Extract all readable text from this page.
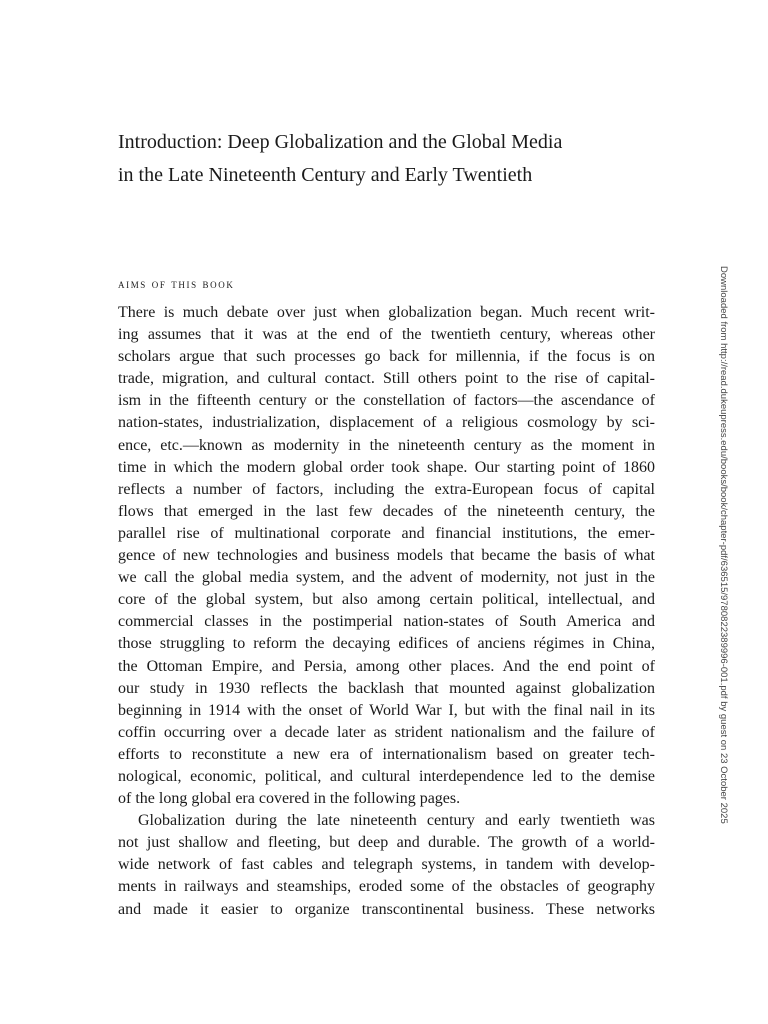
Introduction: Deep Globalization and the Global Media
in the Late Nineteenth Century and Early Twentieth
aims of this book
There is much debate over just when globalization began. Much recent writ-
ing assumes that it was at the end of the twentieth century, whereas other
scholars argue that such processes go back for millennia, if the focus is on
trade, migration, and cultural contact. Still others point to the rise of capital-
ism in the fifteenth century or the constellation of factors—the ascendance of
nation-states, industrialization, displacement of a religious cosmology by sci-
ence, etc.—known as modernity in the nineteenth century as the moment in
time in which the modern global order took shape. Our starting point of 1860
reflects a number of factors, including the extra-European focus of capital
flows that emerged in the last few decades of the nineteenth century, the
parallel rise of multinational corporate and financial institutions, the emer-
gence of new technologies and business models that became the basis of what
we call the global media system, and the advent of modernity, not just in the
core of the global system, but also among certain political, intellectual, and
commercial classes in the postimperial nation-states of South America and
those struggling to reform the decaying edifices of anciens régimes in China,
the Ottoman Empire, and Persia, among other places. And the end point of
our study in 1930 reflects the backlash that mounted against globalization
beginning in 1914 with the onset of World War I, but with the final nail in its
coffin occurring over a decade later as strident nationalism and the failure of
efforts to reconstitute a new era of internationalism based on greater tech-
nological, economic, political, and cultural interdependence led to the demise
of the long global era covered in the following pages.
Globalization during the late nineteenth century and early twentieth was
not just shallow and fleeting, but deep and durable. The growth of a world-
wide network of fast cables and telegraph systems, in tandem with develop-
ments in railways and steamships, eroded some of the obstacles of geography
and made it easier to organize transcontinental business. These networks
Downloaded from http://read.dukeupress.edu/books/book/chapter-pdf/636515/9780822389996-001.pdf by guest on 23 October 2025
